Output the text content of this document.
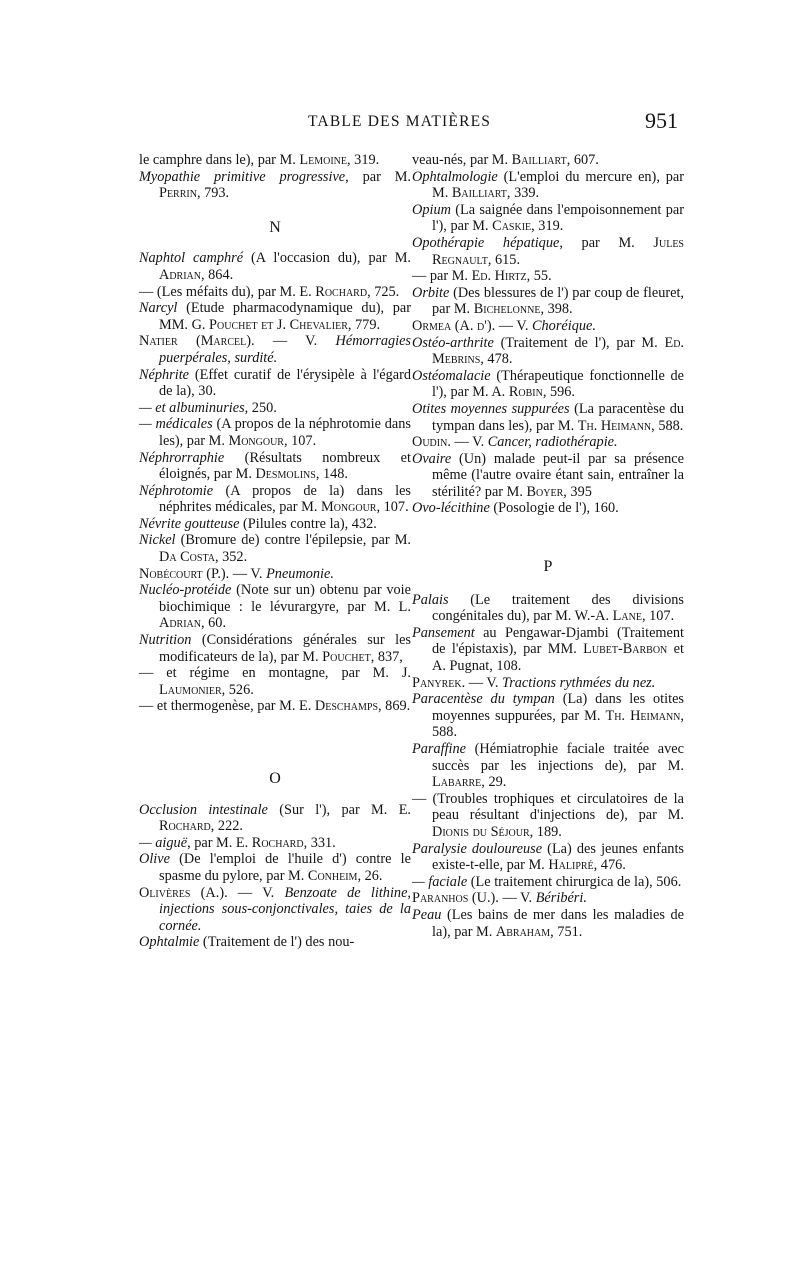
TABLE DES MATIÈRES	951
le camphre dans le), par M. Lemoine, 319.
Myopathie primitive progressive, par M. Perrin, 793.
N
Naphtol camphré (A l'occasion du), par M. Adrian, 864.
— (Les méfaits du), par M. E. Rochard, 725.
Narcyl (Etude pharmacodynamique du), par MM. G. Pouchet et J. Chevalier, 779.
Natier (Marcel). — V. Hémorragies puerpérales, surdité.
Néphrite (Effet curatif de l'érysipèle à l'égard de la), 30.
— et albuminuries, 250.
— médicales (A propos de la néphrotomie dans les), par M. Mongour, 107.
Néphrorraphie (Résultats nombreux et éloignés, par M. Desmolins, 148.
Néphrotomie (A propos de la) dans les néphrites médicales, par M. Mongour, 107.
Névrite goutteuse (Pilules contre la), 432.
Nickel (Bromure de) contre l'épilepsie, par M. Da Costa, 352.
Nobécourt (P.). — V. Pneumonie.
Nucléo-protéide (Note sur un) obtenu par voie biochimique : le lévurargyre, par M. L. Adrian, 60.
Nutrition (Considérations générales sur les modificateurs de la), par M. Pouchet, 837,
— et régime en montagne, par M. J. Laumonier, 526.
— et thermogenèse, par M. E. Deschamps, 869.
O
Occlusion intestinale (Sur l'), par M. E. Rochard, 222.
— aiguë, par M. E. Rochard, 331.
Olive (De l'emploi de l'huile d') contre le spasme du pylore, par M. Conheim, 26.
Olivères (A.). — V. Benzoate de lithine, injections sous-conjonctivales, taies de la cornée.
Ophtalmie (Traitement de l') des nou-
veau-nés, par M. Bailliart, 607.
Ophtalmologie (L'emploi du mercure en), par M. Bailliart, 339.
Opium (La saignée dans l'empoisonnement par l'), par M. Caskie, 319.
Opothérapie hépatique, par M. Jules Regnault, 615.
— par M. Ed. Hirtz, 55.
Orbite (Des blessures de l') par coup de fleuret, par M. Bichelonne, 398.
Ormea (A. d'). — V. Choréique.
Ostéo-arthrite (Traitement de l'), par M. Ed. Mebrins, 478.
Ostéomalacie (Thérapeutique fonctionnelle de l'), par M. A. Robin, 596.
Otites moyennes suppurées (La paracentèse du tympan dans les), par M. Th. Heimann, 588.
Oudin. — V. Cancer, radiothérapie.
Ovaire (Un) malade peut-il par sa présence même (l'autre ovaire étant sain, entraîner la stérilité? par M. Boyer, 395
Ovo-lécithine (Posologie de l'), 160.
P
Palais (Le traitement des divisions congénitales du), par M. W.-A. Lane, 107.
Pansement au Pengawar-Djambi (Traitement de l'épistaxis), par MM. Lubet-Barbon et A. Pugnat, 108.
Panyrek. — V. Tractions rythmées du nez.
Paracentèse du tympan (La) dans les otites moyennes suppurées, par M. Th. Heimann, 588.
Paraffine (Hémiatrophie faciale traitée avec succès par les injections de), par M. Labarre, 29.
— (Troubles trophiques et circulatoires de la peau résultant d'injections de), par M. Dionis du Séjour, 189.
Paralysie douloureuse (La) des jeunes enfants existe-t-elle, par M. Halipré, 476.
— faciale (Le traitement chirurgica de la), 506.
Paranhos (U.). — V. Béribéri.
Peau (Les bains de mer dans les maladies de la), par M. Abraham, 751.
